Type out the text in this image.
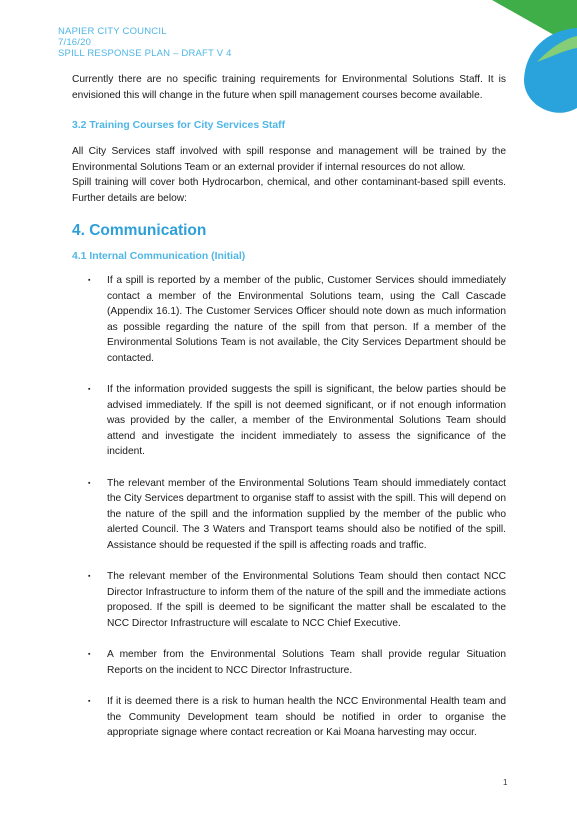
NAPIER CITY COUNCIL
7/16/20
SPILL RESPONSE PLAN – DRAFT V 4

Currently there are no specific training requirements for Environmental Solutions Staff. It is envisioned this will change in the future when spill management courses become available.

3.2 Training Courses for City Services Staff

All City Services staff involved with spill response and management will be trained by the Environmental Solutions Team or an external provider if internal resources do not allow.

Spill training will cover both Hydrocarbon, chemical, and other contaminant-based spill events. Further details are below:

4. Communication
4.1 Internal Communication (Initial)
▪ If a spill is reported by a member of the public, Customer Services should immediately contact a member of the Environmental Solutions team, using the Call Cascade (Appendix 16.1). The Customer Services Officer should note down as much information as possible regarding the nature of the spill from that person. If a member of the Environmental Solutions Team is not available, the City Services Department should be contacted.
▪ If the information provided suggests the spill is significant, the below parties should be advised immediately. If the spill is not deemed significant, or if not enough information was provided by the caller, a member of the Environmental Solutions Team should attend and investigate the incident immediately to assess the significance of the incident.
▪ The relevant member of the Environmental Solutions Team should immediately contact the City Services department to organise staff to assist with the spill. This will depend on the nature of the spill and the information supplied by the member of the public who alerted Council. The 3 Waters and Transport teams should also be notified of the spill. Assistance should be requested if the spill is affecting roads and traffic.
▪ The relevant member of the Environmental Solutions Team should then contact NCC Director Infrastructure to inform them of the nature of the spill and the immediate actions proposed. If the spill is deemed to be significant the matter shall be escalated to the NCC Director Infrastructure will escalate to NCC Chief Executive.
▪ A member from the Environmental Solutions Team shall provide regular Situation Reports on the incident to NCC Director Infrastructure.
▪ If it is deemed there is a risk to human health the NCC Environmental Health team and the Community Development team should be notified in order to organise the appropriate signage where contact recreation or Kai Moana harvesting may occur.
1
